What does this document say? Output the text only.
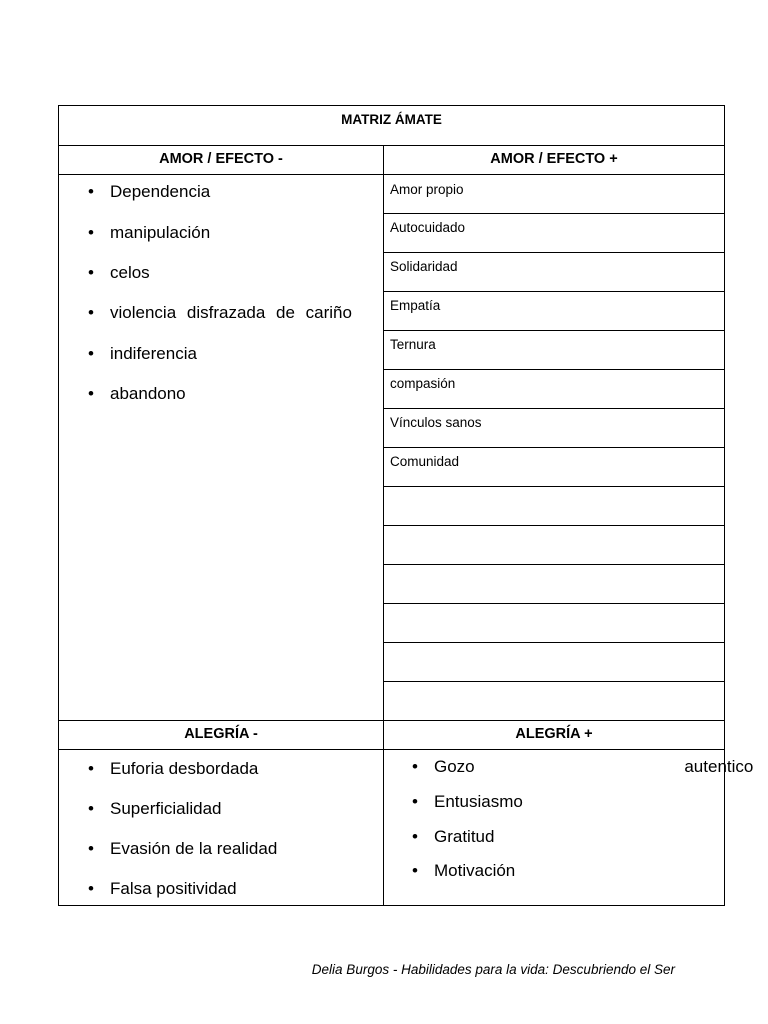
MATRIZ ÁMATE
AMOR / EFECTO -	AMOR / EFECTO +
• Dependencia
• manipulación
• celos
• violencia disfrazada de cariño
• indiferencia
• abandono
Amor propio
Autocuidado
Solidaridad
Empatía
Ternura
compasión
Vínculos sanos
Comunidad
ALEGRÍA -	ALEGRÍA +
• Euforia desbordada
• Superficialidad
• Evasión de la realidad
• Falsa positividad
• Gozo autentico
• Entusiasmo
• Gratitud
• Motivación
Delia Burgos - Habilidades para la vida: Descubriendo el Ser
